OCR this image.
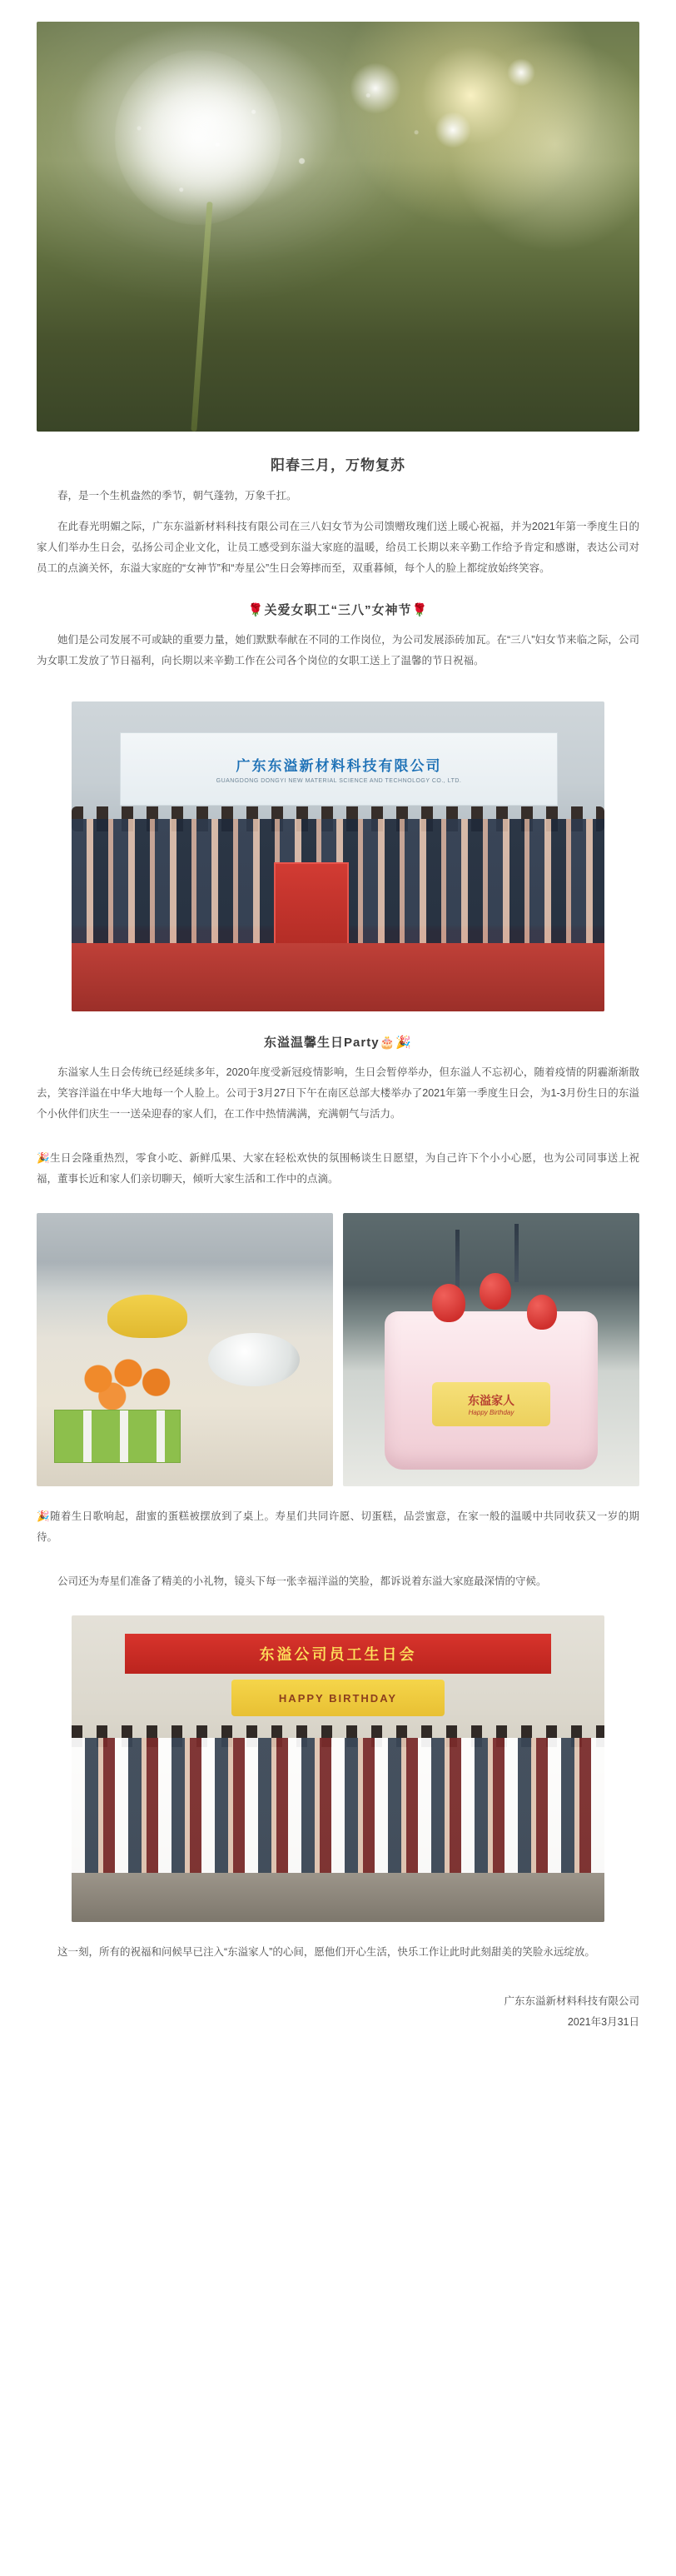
阳春三月，万物复苏

春，是一个生机盎然的季节，朝气蓬勃，万象千扛。

在此春光明媚之际，广东东溢新材料科技有限公司在三八妇女节为公司馈赠玫瑰们送上暖心祝福，并为2021年第一季度生日的家人们举办生日会，弘扬公司企业文化，让员工感受到东溢大家庭的温暖，给员工长期以来辛勤工作给予肯定和感谢，表达公司对员工的点滴关怀，东溢大家庭的“女神节”和“寿星公”生日会筹摔而至，双重暮倾，每个人的脸上都绽放始终笑容。

🌹关爱女职工“三八”女神节🌹

她们是公司发展不可或缺的重要力量，她们默默奉献在不同的工作岗位，为公司发展添砖加瓦。在“三八”妇女节来临之际，公司为女职工发放了节日福利，向长期以来辛勤工作在公司各个岗位的女职工送上了温馨的节日祝福。

广东东溢新材料科技有限公司
GUANGDONG DONGYI NEW MATERIAL SCIENCE AND TECHNOLOGY CO., LTD.
东溢温馨生日Party🎂🎉

东溢家人生日会传统已经延续多年，2020年度受新冠疫情影响，生日会暂停举办，但东溢人不忘初心，随着疫情的阴霾渐渐散去，笑容洋溢在中华大地每一个人脸上。公司于3月27日下午在南区总部大楼举办了2021年第一季度生日会，为1-3月份生日的东溢个小伙伴们庆生一一送朵迎春的家人们，在工作中热情满满，充满朝气与活力。

🎉生日会隆重热烈，零食小吃、新鲜瓜果、大家在轻松欢快的氛围畅谈生日愿望，为自己许下个小小心愿，也为公司同事送上祝福，董事长近和家人们亲切聊天，倾听大家生活和工作中的点滴。

东溢家人
Happy Birthday

🎉随着生日歌响起，甜蜜的蛋糕被摆放到了桌上。寿星们共同许愿、切蛋糕，品尝蜜意，在家一般的温暖中共同收获又一岁的期待。

公司还为寿星们准备了精美的小礼物，镜头下每一张幸福洋溢的笑脸，都诉说着东溢大家庭最深情的守候。

东溢公司员工生日会
HAPPY BIRTHDAY

这一刻，所有的祝福和问候早已注入“东溢家人”的心间，愿他们开心生活，快乐工作让此时此刻甜美的笑脸永远绽放。

广东东溢新材料科技有限公司
2021年3月31日
